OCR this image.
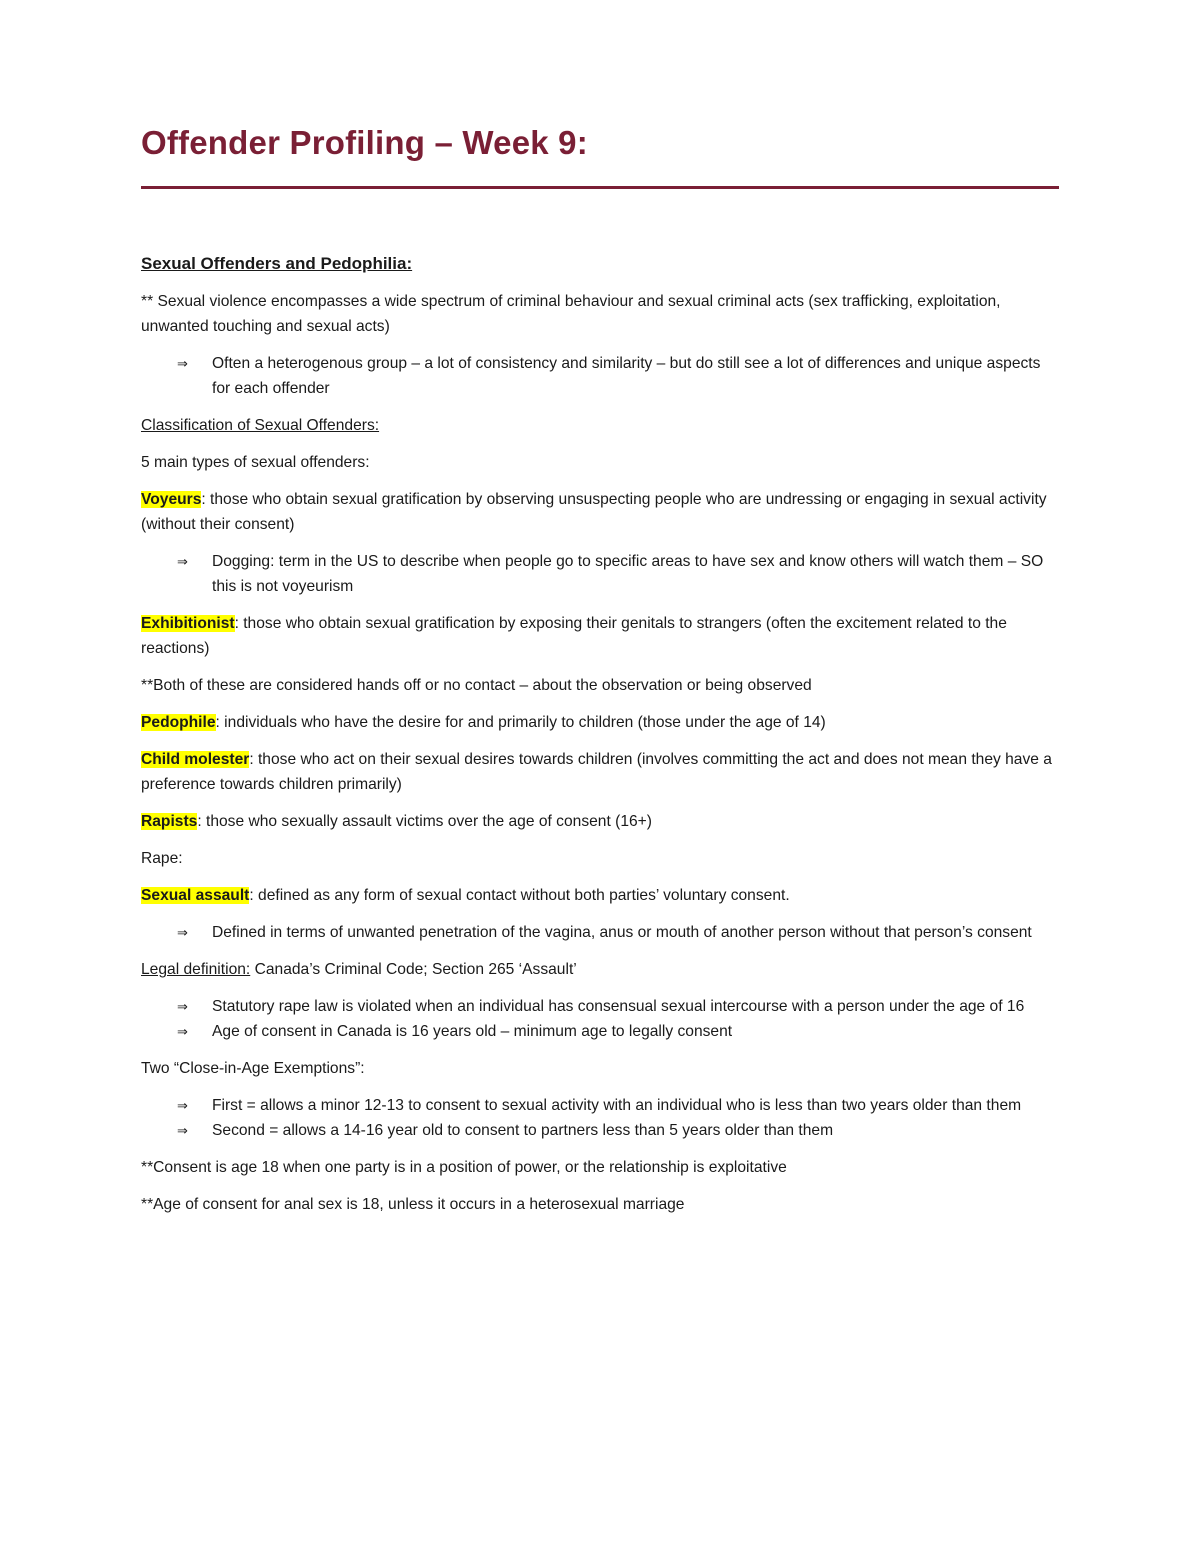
Offender Profiling – Week 9:

Sexual Offenders and Pedophilia:

** Sexual violence encompasses a wide spectrum of criminal behaviour and sexual criminal acts (sex trafficking, exploitation, unwanted touching and sexual acts)

⇒	Often a heterogenous group – a lot of consistency and similarity – but do still see a lot of differences and unique aspects for each offender

Classification of Sexual Offenders:

5 main types of sexual offenders:

Voyeurs: those who obtain sexual gratification by observing unsuspecting people who are undressing or engaging in sexual activity (without their consent)

⇒	Dogging: term in the US to describe when people go to specific areas to have sex and know others will watch them – SO this is not voyeurism

Exhibitionist: those who obtain sexual gratification by exposing their genitals to strangers (often the excitement related to the reactions)

**Both of these are considered hands off or no contact – about the observation or being observed

Pedophile: individuals who have the desire for and primarily to children (those under the age of 14)

Child molester: those who act on their sexual desires towards children (involves committing the act and does not mean they have a preference towards children primarily)

Rapists: those who sexually assault victims over the age of consent (16+)

Rape:

Sexual assault: defined as any form of sexual contact without both parties’ voluntary consent.

⇒	Defined in terms of unwanted penetration of the vagina, anus or mouth of another person without that person’s consent

Legal definition: Canada’s Criminal Code; Section 265 ‘Assault’

⇒	Statutory rape law is violated when an individual has consensual sexual intercourse with a person under the age of 16
⇒	Age of consent in Canada is 16 years old – minimum age to legally consent

Two “Close-in-Age Exemptions”:

⇒	First = allows a minor 12-13 to consent to sexual activity with an individual who is less than two years older than them
⇒	Second = allows a 14-16 year old to consent to partners less than 5 years older than them

**Consent is age 18 when one party is in a position of power, or the relationship is exploitative

**Age of consent for anal sex is 18, unless it occurs in a heterosexual marriage
